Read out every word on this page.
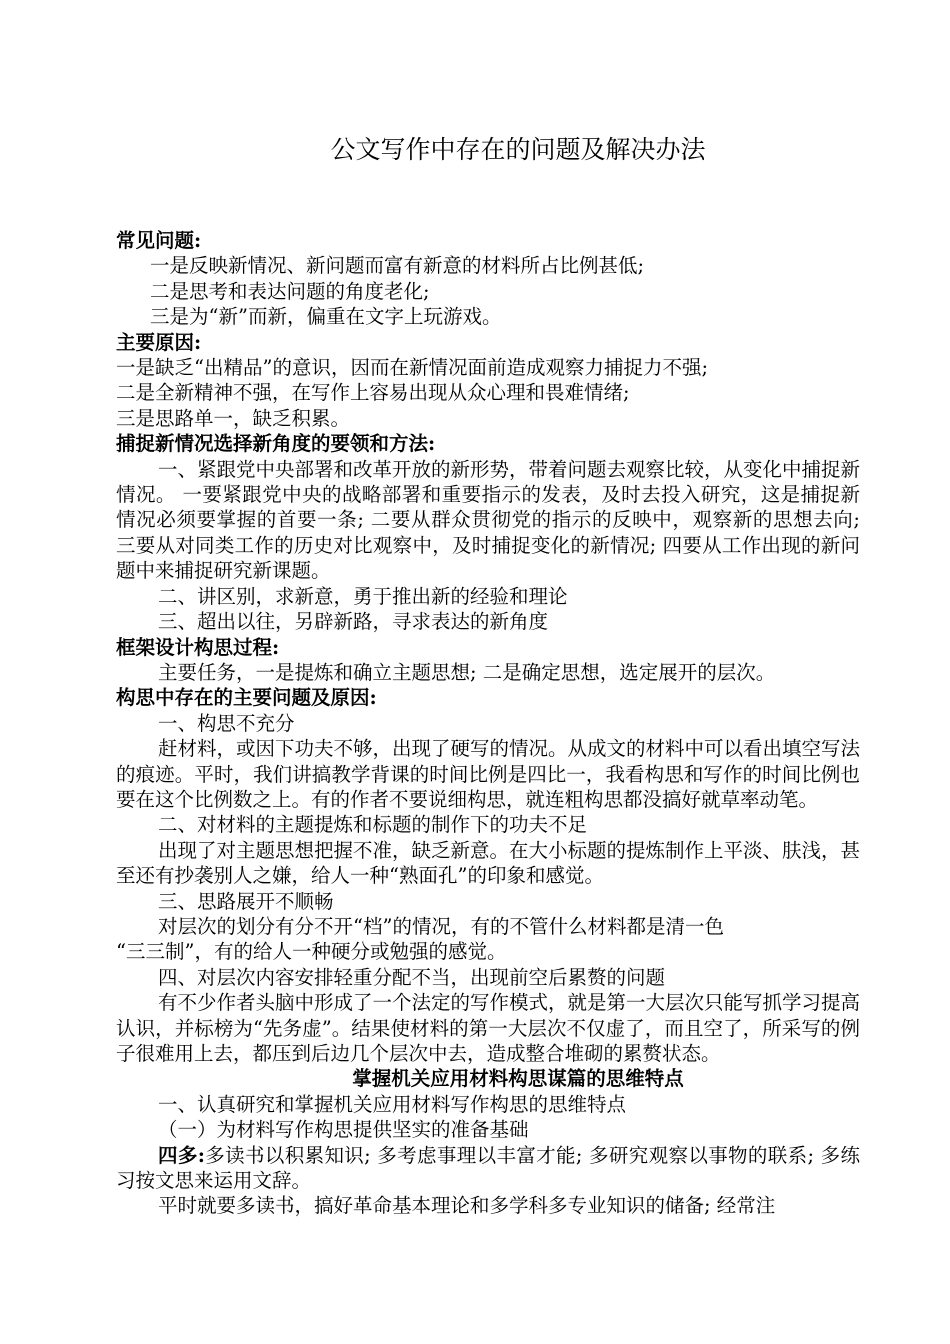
公文写作中存在的问题及解决办法

常见问题:

一是反映新情况、新问题而富有新意的材料所占比例甚低;

二是思考和表达问题的角度老化;

三是为“新”而新，偏重在文字上玩游戏。

主要原因:

一是缺乏“出精品”的意识，因而在新情况面前造成观察力捕捉力不强;

二是全新精神不强，在写作上容易出现从众心理和畏难情绪;

三是思路单一，缺乏积累。

捕捉新情况选择新角度的要领和方法:

一、紧跟党中央部署和改革开放的新形势，带着问题去观察比较，从变化中捕捉新情况。 一要紧跟党中央的战略部署和重要指示的发表，及时去投入研究，这是捕捉新情况必须要掌握的首要一条; 二要从群众贯彻党的指示的反映中，观察新的思想去向; 三要从对同类工作的历史对比观察中，及时捕捉变化的新情况; 四要从工作出现的新问题中来捕捉研究新课题。

二、讲区别，求新意，勇于推出新的经验和理论

三、超出以往，另辟新路，寻求表达的新角度

框架设计构思过程:

主要任务，一是提炼和确立主题思想; 二是确定思想，选定展开的层次。

构思中存在的主要问题及原因:

一、构思不充分

赶材料，或因下功夫不够，出现了硬写的情况。从成文的材料中可以看出填空写法的痕迹。平时，我们讲搞教学背课的时间比例是四比一，我看构思和写作的时间比例也要在这个比例数之上。有的作者不要说细构思，就连粗构思都没搞好就草率动笔。

二、对材料的主题提炼和标题的制作下的功夫不足

出现了对主题思想把握不准，缺乏新意。在大小标题的提炼制作上平淡、肤浅，甚至还有抄袭别人之嫌，给人一种“熟面孔”的印象和感觉。

三、思路展开不顺畅

对层次的划分有分不开“档”的情况，有的不管什么材料都是清一色

“三三制”，有的给人一种硬分或勉强的感觉。

四、对层次内容安排轻重分配不当，出现前空后累赘的问题

有不少作者头脑中形成了一个法定的写作模式，就是第一大层次只能写抓学习提高认识，并标榜为“先务虚”。结果使材料的第一大层次不仅虚了，而且空了，所采写的例子很难用上去，都压到后边几个层次中去，造成整合堆砌的累赘状态。

掌握机关应用材料构思谋篇的思维特点

一、认真研究和掌握机关应用材料写作构思的思维特点

（一）为材料写作构思提供坚实的准备基础

四多:多读书以积累知识; 多考虑事理以丰富才能; 多研究观察以事物的联系; 多练习按文思来运用文辞。

平时就要多读书，搞好革命基本理论和多学科多专业知识的储备; 经常注
